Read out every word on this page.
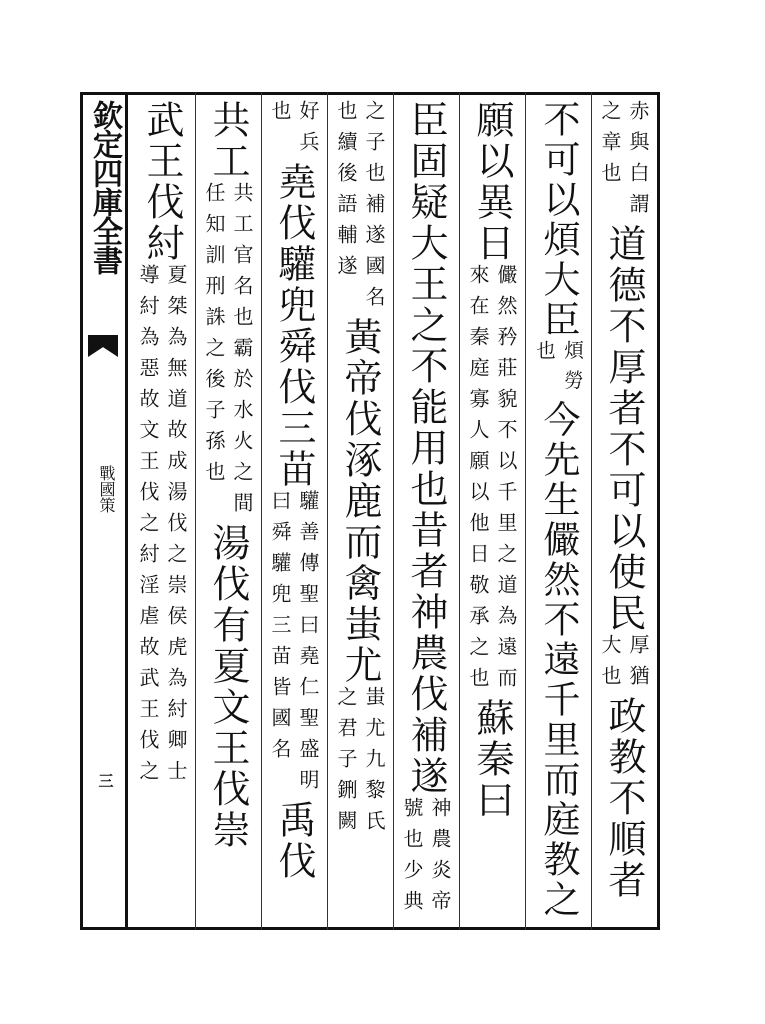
欽定四庫全書
戰國策
三
赤與白謂
之章也
道德不厚者不可以使民
厚猶
大也
政教不順者
不可以煩大臣
煩勞
也
今先生儼然不遠千里而庭教之
願以異日
儼然矜莊貌不以千里之道為遠而
來在秦庭寡人願以他日敬承之也
蘇秦曰
臣固疑大王之不能用也昔者神農伐補遂
神農炎帝
號也少典
之子也補遂國名
也續後語輔遂
黃帝伐涿鹿而禽蚩尤
蚩尤九黎氏
之君子鉶闕
好兵
也
堯伐驩兜舜伐三苗
驩善傳聖曰堯仁聖盛明
曰舜驩兜三苗皆國名
禹伐
共工
共工官名也霸於水火之間
任知訓刑誅之後子孫也
湯伐有夏文王伐崇
武王伐紂
夏桀為無道故成湯伐之崇侯虎為紂卿士
導紂為惡故文王伐之紂淫虐故武王伐之
